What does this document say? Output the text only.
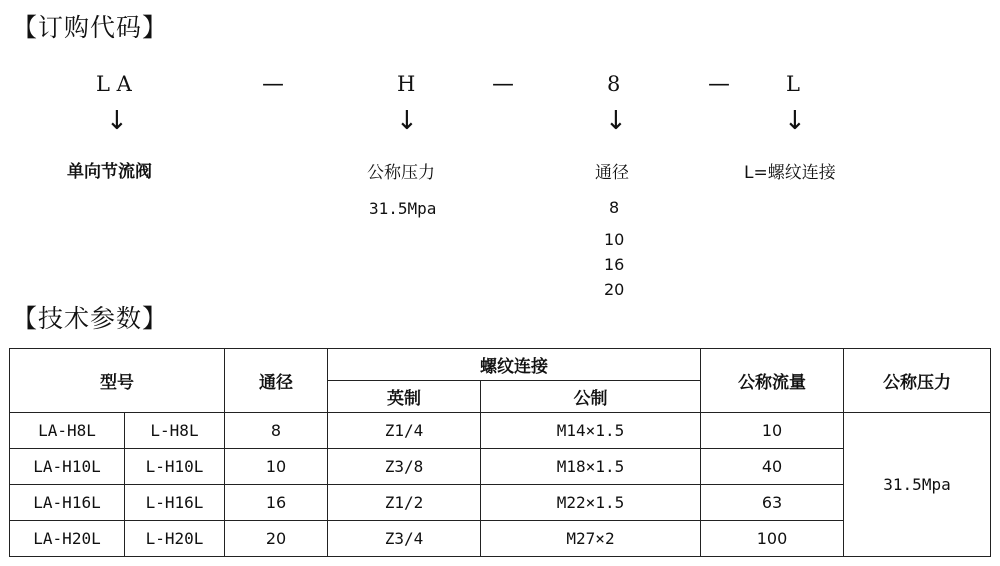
【订购代码】
L A	—	H	—	8	—	L
↓	↓	↓	↓
单向节流阀	公称压力	通径	L=螺纹连接
31.5Mpa	8
10
16
20
【技术参数】
型号		通径	螺纹连接		公称流量	公称压力
			英制	公制		
LA-H8L	L-H8L	8	Z1/4	M14×1.5	10	31.5Mpa
LA-H10L	L-H10L	10	Z3/8	M18×1.5	40	
LA-H16L	L-H16L	16	Z1/2	M22×1.5	63	
LA-H20L	L-H20L	20	Z3/4	M27×2	100	
